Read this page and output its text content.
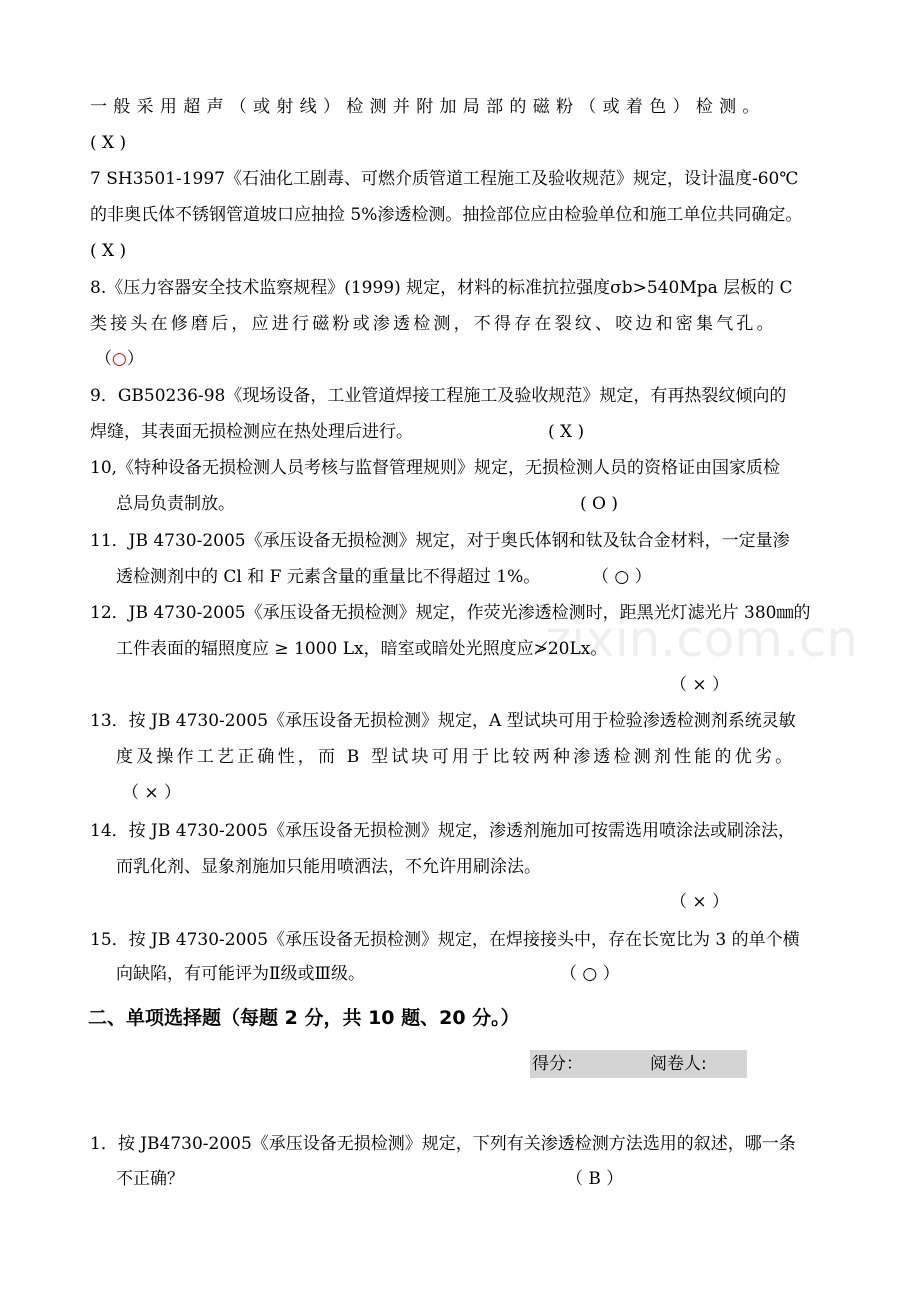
zixin.com.cn
一般采用超声（或射线）检测并附加局部的磁粉（或着色）检测。
( X )
7 SH3501-1997《石油化工剧毒、可燃介质管道工程施工及验收规范》规定，设计温度-60℃
的非奥氏体不锈钢管道坡口应抽捡 5%渗透检测。抽捡部位应由检验单位和施工单位共同确定。
( X )
8.《压力容器安全技术监察规程》(1999) 规定，材料的标准抗拉强度σb>540Mpa 层板的 C
类接头在修磨后，应进行磁粉或渗透检测，不得存在裂纹、咬边和密集气孔。
（○）
9．GB50236-98《现场设备，工业管道焊接工程施工及验收规范》规定，有再热裂纹倾向的
焊缝，其表面无损检测应在热处理后进行。	( X )
10,《特种设备无损检测人员考核与监督管理规则》规定，无损检测人员的资格证由国家质检
总局负责制放。	( O )
11．JB 4730-2005《承压设备无损检测》规定，对于奥氏体钢和钛及钛合金材料，一定量渗
透检测剂中的 Cl 和 F 元素含量的重量比不得超过 1%。	（ ○ ）
12．JB 4730-2005《承压设备无损检测》规定，作荧光渗透检测时，距黑光灯滤光片 380㎜的
工件表面的辐照度应 ≥ 1000 Lx，暗室或暗处光照度应≯20Lx。
（ × ）
13．按 JB 4730-2005《承压设备无损检测》规定，A 型试块可用于检验渗透检测剂系统灵敏
度及操作工艺正确性，而 B 型试块可用于比较两种渗透检测剂性能的优劣。
（ × ）
14．按 JB 4730-2005《承压设备无损检测》规定，渗透剂施加可按需选用喷涂法或刷涂法，
而乳化剂、显象剂施加只能用喷洒法，不允许用刷涂法。
（ × ）
15．按 JB 4730-2005《承压设备无损检测》规定，在焊接接头中，存在长宽比为 3 的单个横
向缺陷，有可能评为Ⅱ级或Ⅲ级。	（ ○ ）
二、单项选择题（每题 2 分，共 10 题、20 分。）
得分：	阅卷人:
1．按 JB4730-2005《承压设备无损检测》规定，下列有关渗透检测方法选用的叙述，哪一条
不正确？	（ B ）
